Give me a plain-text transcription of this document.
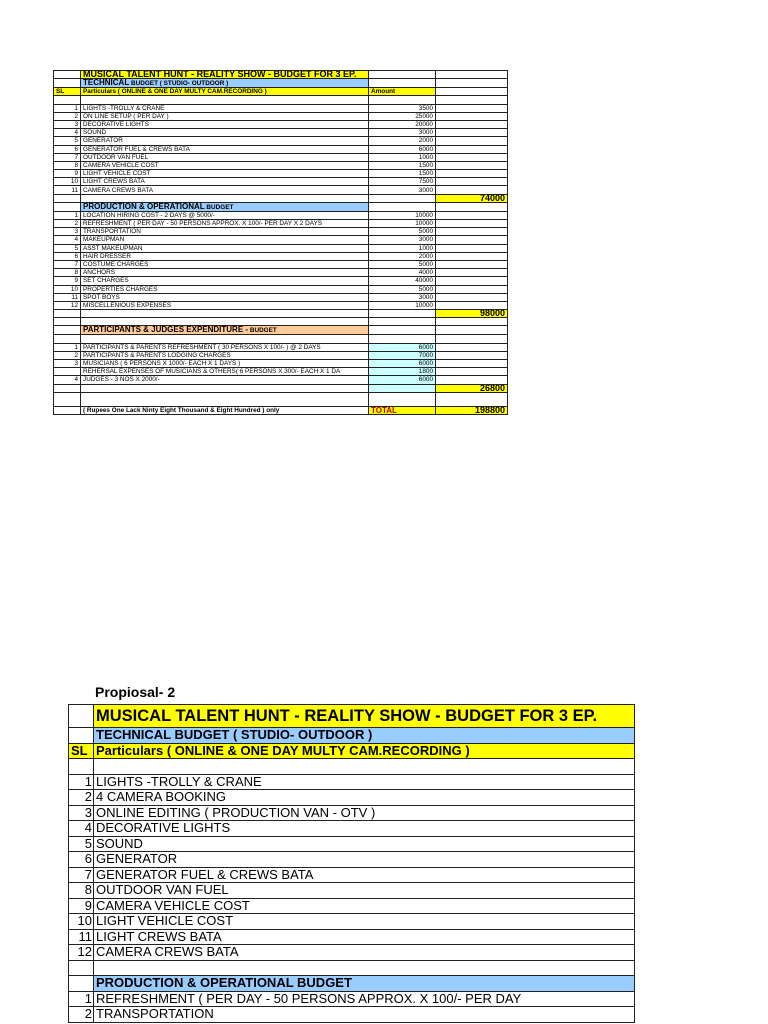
	MUSICAL TALENT HUNT - REALITY SHOW - BUDGET FOR 3 EP.		
	TECHNICAL BUDGET ( STUDIO- OUTDOOR )		
SL	Particulars ( ONLINE & ONE DAY MULTY CAM.RECORDING )	Amount	

1	LIGHTS -TROLLY & CRANE	3500	
2	ON LINE SETUP ( PER DAY )	25000	
3	DECORATIVE LIGHTS	20000	
4	SOUND	3000	
5	GENERATOR	2000	
6	GENERATOR FUEL & CREWS BATA	6000	
7	OUTDOOR VAN FUEL	1000	
8	CAMERA VEHICLE COST	1500	
9	LIGHT VEHICLE COST	1500	
10	LIGHT CREWS BATA	7500	
11	CAMERA CREWS BATA	3000	
			74000
	PRODUCTION & OPERATIONAL BUDGET		
1	LOCATION HIRING COST - 2 DAYS @ 5000/-	10000	
2	REFRESHMENT ( PER DAY - 50 PERSONS APPROX. X 100/- PER DAY X 2 DAYS	10000	
3	TRANSPORTATION	5000	
4	MAKEUPMAN	3000	
5	ASST MAKEUPMAN	1000	
6	HAIR DRESSER	2000	
7	COSTUME CHARGES	5000	
8	ANCHORS	4000	
9	SET CHARGES	40000	
10	PROPERTIES CHARGES	5000	
11	SPOT BOYS	3000	
12	MISCELLENIOUS EXPENSES	10000	
			98000

	PARTICIPANTS & JUDGES EXPENDITURE - BUDGET		

1	PARTICIPANTS & PARENTS REFRESHMENT ( 30 PERSONS X 100/- ) @ 2 DAYS	6000	
2	PARTICIPANTS & PARENTS LODGING CHARGES	7000	
3	MUSICIANS ( 6 PERSONS X 1000/- EACH X 1 DAYS )	6000	
	REHERSAL EXPENSES OF MUSICIANS & OTHERS( 6 PERSONS X 300/- EACH X 1 DA	1800	
4	JUDGES - 3 NOS X 2000/-	6000	
			26800

	( Rupees One Lack Ninty Eight Thousand & Eight Hundred ) only	TOTAL	198800
Propiosal- 2
	MUSICAL TALENT HUNT - REALITY SHOW - BUDGET FOR 3 EP.
	TECHNICAL BUDGET ( STUDIO- OUTDOOR )
SL	Particulars ( ONLINE & ONE DAY MULTY CAM.RECORDING )

1	LIGHTS -TROLLY & CRANE
2	4 CAMERA BOOKING
3	ONLINE EDITING ( PRODUCTION VAN - OTV )
4	DECORATIVE LIGHTS
5	SOUND
6	GENERATOR
7	GENERATOR FUEL & CREWS BATA
8	OUTDOOR VAN FUEL
9	CAMERA VEHICLE COST
10	LIGHT VEHICLE COST
11	LIGHT CREWS BATA
12	CAMERA CREWS BATA

	PRODUCTION & OPERATIONAL BUDGET
1	REFRESHMENT ( PER DAY - 50 PERSONS APPROX. X 100/- PER DAY
2	TRANSPORTATION
